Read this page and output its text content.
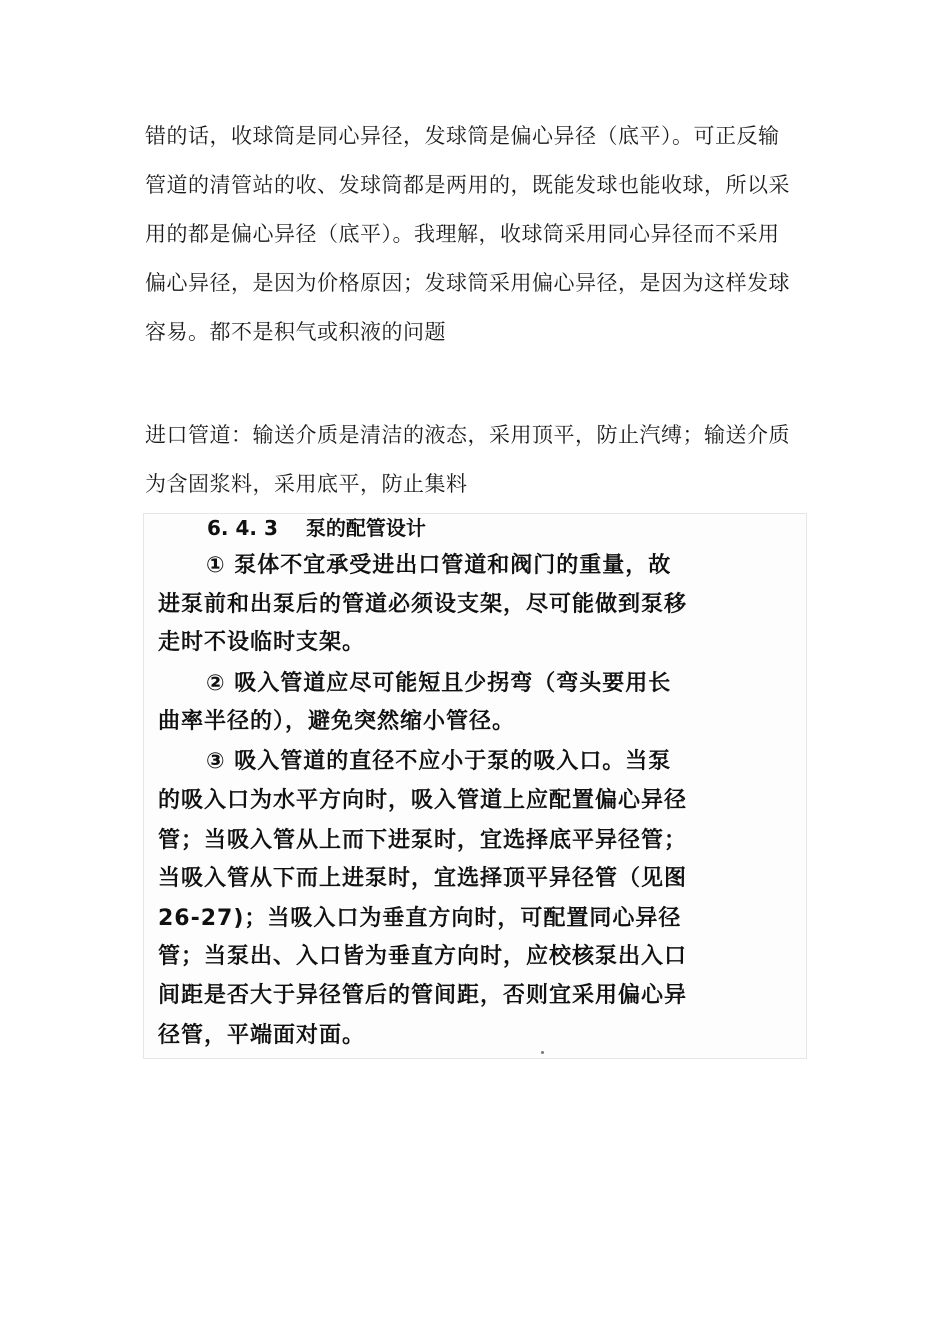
错的话，收球筒是同心异径，发球筒是偏心异径（底平）。可正反输
管道的清管站的收、发球筒都是两用的，既能发球也能收球，所以采
用的都是偏心异径（底平）。我理解，收球筒采用同心异径而不采用
偏心异径，是因为价格原因；发球筒采用偏心异径，是因为这样发球
容易。都不是积气或积液的问题
进口管道：输送介质是清洁的液态，采用顶平，防止汽缚；输送介质
为含固浆料，采用底平，防止集料
6. 4. 3 泵的配管设计
① 泵体不宜承受进出口管道和阀门的重量，故
进泵前和出泵后的管道必须设支架，尽可能做到泵移
走时不设临时支架。
② 吸入管道应尽可能短且少拐弯（弯头要用长
曲率半径的），避免突然缩小管径。
③ 吸入管道的直径不应小于泵的吸入口。当泵
的吸入口为水平方向时，吸入管道上应配置偏心异径
管；当吸入管从上而下进泵时，宜选择底平异径管；
当吸入管从下而上进泵时，宜选择顶平异径管（见图
26-27)；当吸入口为垂直方向时，可配置同心异径
管；当泵出、入口皆为垂直方向时，应校核泵出入口
间距是否大于异径管后的管间距，否则宜采用偏心异
径管，平端面对面。
